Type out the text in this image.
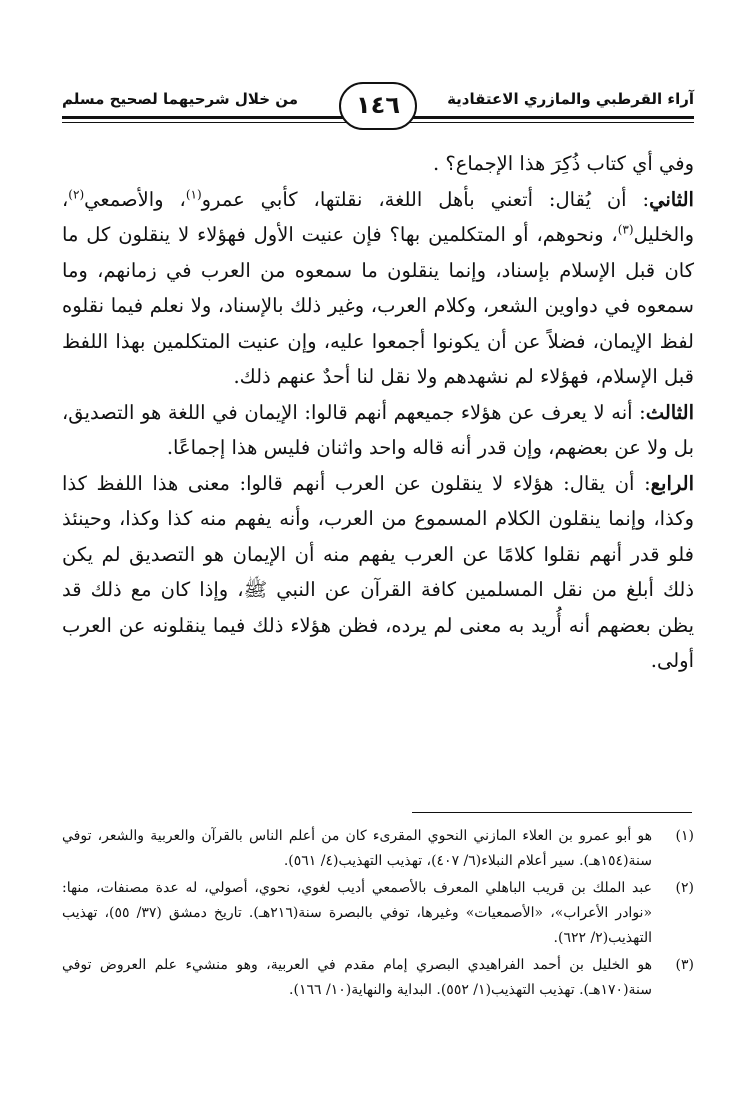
آراء القرطبي والمازري الاعتقادية
١٤٦
من خلال شرحيهما لصحيح مسلم

وفي أي كتاب ذُكِرَ هذا الإجماع؟ .

الثاني: أن يُقال: أتعني بأهل اللغة، نقلتها، كأبي عمرو$^{(١)}$، والأصمعي$^{(٢)}$، والخليل$^{(٣)}$، ونحوهم، أو المتكلمين بها؟ فإن عنيت الأول فهؤلاء لا ينقلون كل ما كان قبل الإسلام بإسناد، وإنما ينقلون ما سمعوه من العرب في زمانهم، وما سمعوه في دواوين الشعر، وكلام العرب، وغير ذلك بالإسناد، ولا نعلم فيما نقلوه لفظ الإيمان، فضلاً عن أن يكونوا أجمعوا عليه، وإن عنيت المتكلمين بهذا اللفظ قبل الإسلام، فهؤلاء لم نشهدهم ولا نقل لنا أحدٌ عنهم ذلك.

الثالث: أنه لا يعرف عن هؤلاء جميعهم أنهم قالوا: الإيمان في اللغة هو التصديق، بل ولا عن بعضهم، وإن قدر أنه قاله واحد واثنان فليس هذا إجماعًا.

الرابع: أن يقال: هؤلاء لا ينقلون عن العرب أنهم قالوا: معنى هذا اللفظ كذا وكذا، وإنما ينقلون الكلام المسموع من العرب، وأنه يفهم منه كذا وكذا، وحينئذ فلو قدر أنهم نقلوا كلامًا عن العرب يفهم منه أن الإيمان هو التصديق لم يكن ذلك أبلغ من نقل المسلمين كافة القرآن عن النبي ﷺ، وإذا كان مع ذلك قد يظن بعضهم أنه أُريد به معنى لم يرده، فظن هؤلاء ذلك فيما ينقلونه عن العرب أولى.

(١)
هو أبو عمرو بن العلاء المازني النحوي المقرىء كان من أعلم الناس بالقرآن والعربية والشعر، توفي سنة(١٥٤هـ). سير أعلام النبلاء(٦/ ٤٠٧)، تهذيب التهذيب(٤/ ٥٦١).
(٢)
عبد الملك بن قريب الباهلي المعرف بالأصمعي أديب لغوي، نحوي، أصولي، له عدة مصنفات، منها: «نوادر الأعراب»، «الأصمعيات» وغيرها، توفي بالبصرة سنة(٢١٦هـ). تاريخ دمشق (٣٧/ ٥٥)، تهذيب التهذيب(٢/ ٦٢٢).
(٣)
هو الخليل بن أحمد الفراهيدي البصري إمام مقدم في العربية، وهو منشيء علم العروض توفي سنة(١٧٠هـ). تهذيب التهذيب(١/ ٥٥٢). البداية والنهاية(١٠/ ١٦٦).
